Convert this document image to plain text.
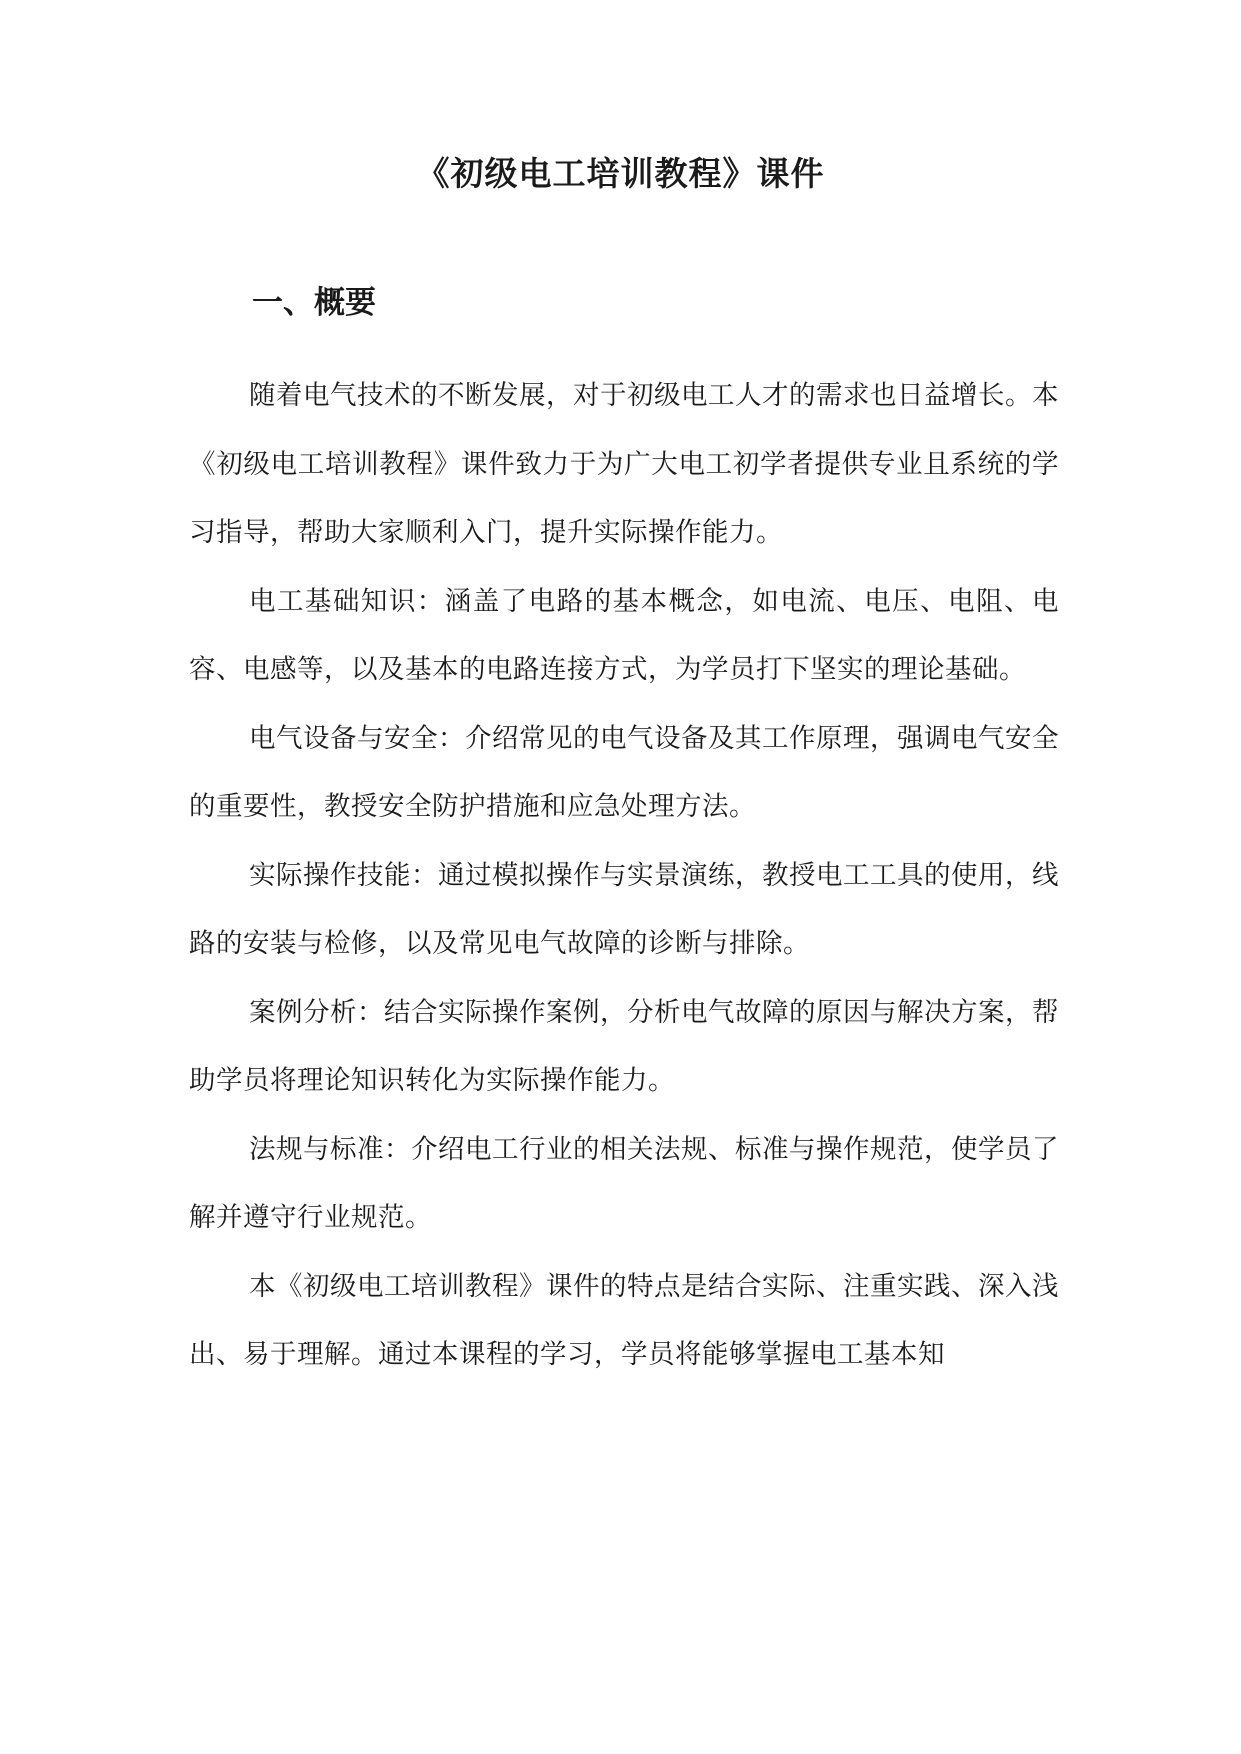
《初级电工培训教程》课件
一、概要

随着电气技术的不断发展，对于初级电工人才的需求也日益增长。本《初级电工培训教程》课件致力于为广大电工初学者提供专业且系统的学习指导，帮助大家顺利入门，提升实际操作能力。

电工基础知识：涵盖了电路的基本概念，如电流、电压、电阻、电容、电感等，以及基本的电路连接方式，为学员打下坚实的理论基础。

电气设备与安全：介绍常见的电气设备及其工作原理，强调电气安全的重要性，教授安全防护措施和应急处理方法。

实际操作技能：通过模拟操作与实景演练，教授电工工具的使用，线路的安装与检修，以及常见电气故障的诊断与排除。

案例分析：结合实际操作案例，分析电气故障的原因与解决方案，帮助学员将理论知识转化为实际操作能力。

法规与标准：介绍电工行业的相关法规、标准与操作规范，使学员了解并遵守行业规范。

本《初级电工培训教程》课件的特点是结合实际、注重实践、深入浅出、易于理解。通过本课程的学习，学员将能够掌握电工基本知
